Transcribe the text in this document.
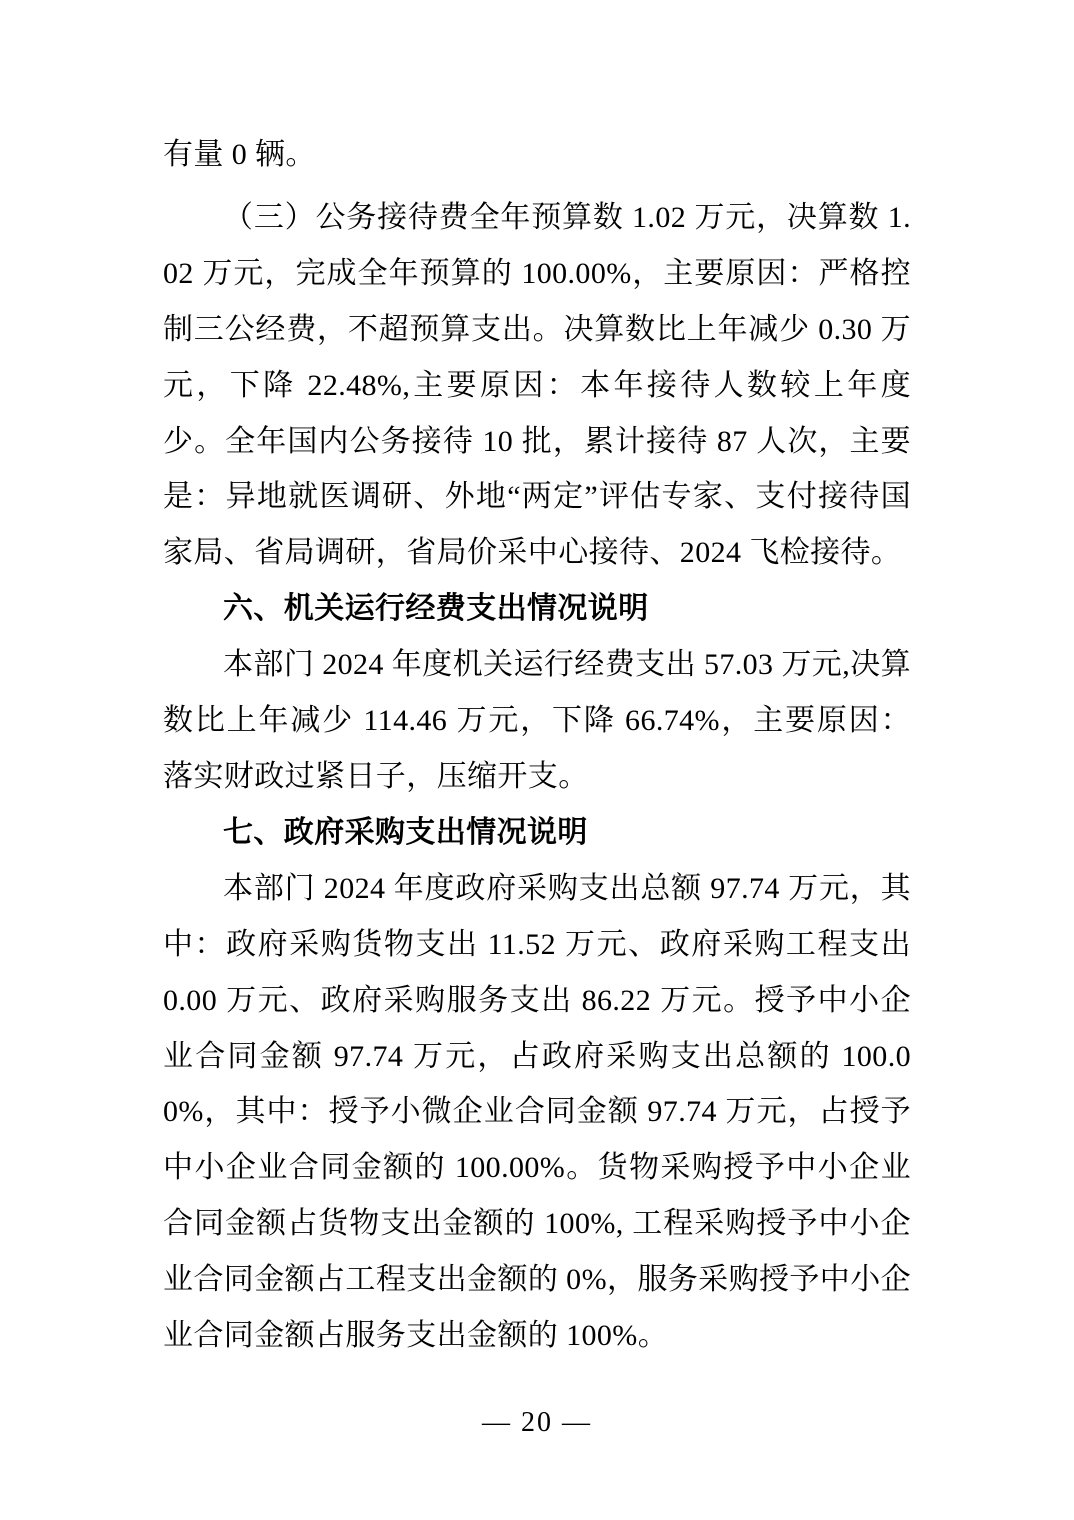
有量 0 辆。

（三）公务接待费全年预算数 1.02 万元，决算数 1.02 万元，完成全年预算的 100.00%，主要原因：严格控制三公经费，不超预算支出。决算数比上年减少 0.30 万元，下降 22.48%,主要原因：本年接待人数较上年度少。全年国内公务接待 10 批，累计接待 87 人次，主要是：异地就医调研、外地“两定”评估专家、支付接待国家局、省局调研，省局价采中心接待、2024 飞检接待。

六、机关运行经费支出情况说明

本部门 2024 年度机关运行经费支出 57.03 万元,决算数比上年减少 114.46 万元，下降 66.74%，主要原因：落实财政过紧日子，压缩开支。

七、政府采购支出情况说明

本部门 2024 年度政府采购支出总额 97.74 万元，其中：政府采购货物支出 11.52 万元、政府采购工程支出 0.00 万元、政府采购服务支出 86.22 万元。授予中小企业合同金额 97.74 万元，占政府采购支出总额的 100.00%，其中：授予小微企业合同金额 97.74 万元，占授予中小企业合同金额的 100.00%。货物采购授予中小企业合同金额占货物支出金额的 100%, 工程采购授予中小企业合同金额占工程支出金额的 0%，服务采购授予中小企业合同金额占服务支出金额的 100%。

— 20 —
